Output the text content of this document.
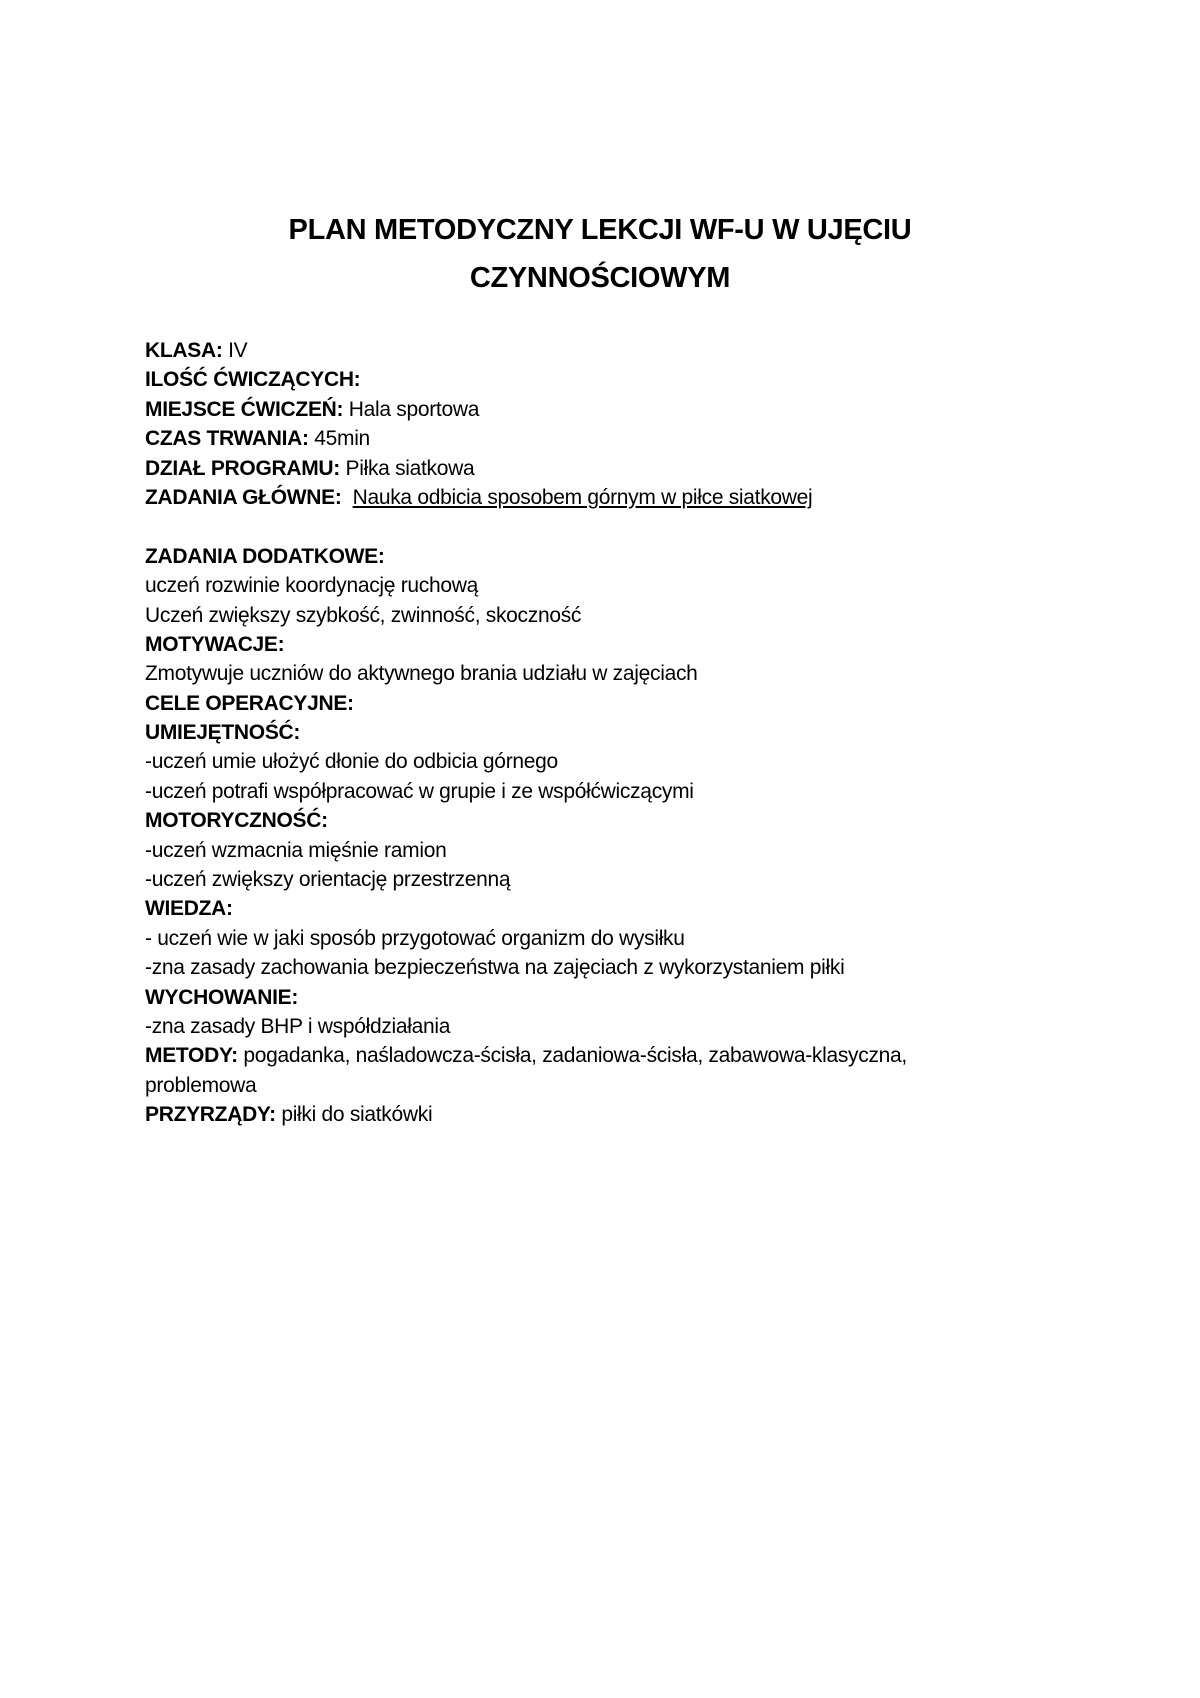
PLAN METODYCZNY LEKCJI WF-U W UJĘCIU
CZYNNOŚCIOWYM
KLASA: IV
ILOŚĆ ĆWICZĄCYCH:
MIEJSCE ĆWICZEŃ: Hala sportowa
CZAS TRWANIA: 45min
DZIAŁ PROGRAMU: Piłka siatkowa
ZADANIA GŁÓWNE: Nauka odbicia sposobem górnym w piłce siatkowej
ZADANIA DODATKOWE:
uczeń rozwinie koordynację ruchową
Uczeń zwiększy szybkość, zwinność, skoczność
MOTYWACJE:
Zmotywuje uczniów do aktywnego brania udziału w zajęciach
CELE OPERACYJNE:
UMIEJĘTNOŚĆ:
-uczeń umie ułożyć dłonie do odbicia górnego
-uczeń potrafi współpracować w grupie i ze współćwiczącymi
MOTORYCZNOŚĆ:
-uczeń wzmacnia mięśnie ramion
-uczeń zwiększy orientację przestrzenną
WIEDZA:
- uczeń wie w jaki sposób przygotować organizm do wysiłku
-zna zasady zachowania bezpieczeństwa na zajęciach z wykorzystaniem piłki
WYCHOWANIE:
-zna zasady BHP i współdziałania
METODY: pogadanka, naśladowcza-ścisła, zadaniowa-ścisła, zabawowa-klasyczna, problemowa
PRZYRZĄDY: piłki do siatkówki
